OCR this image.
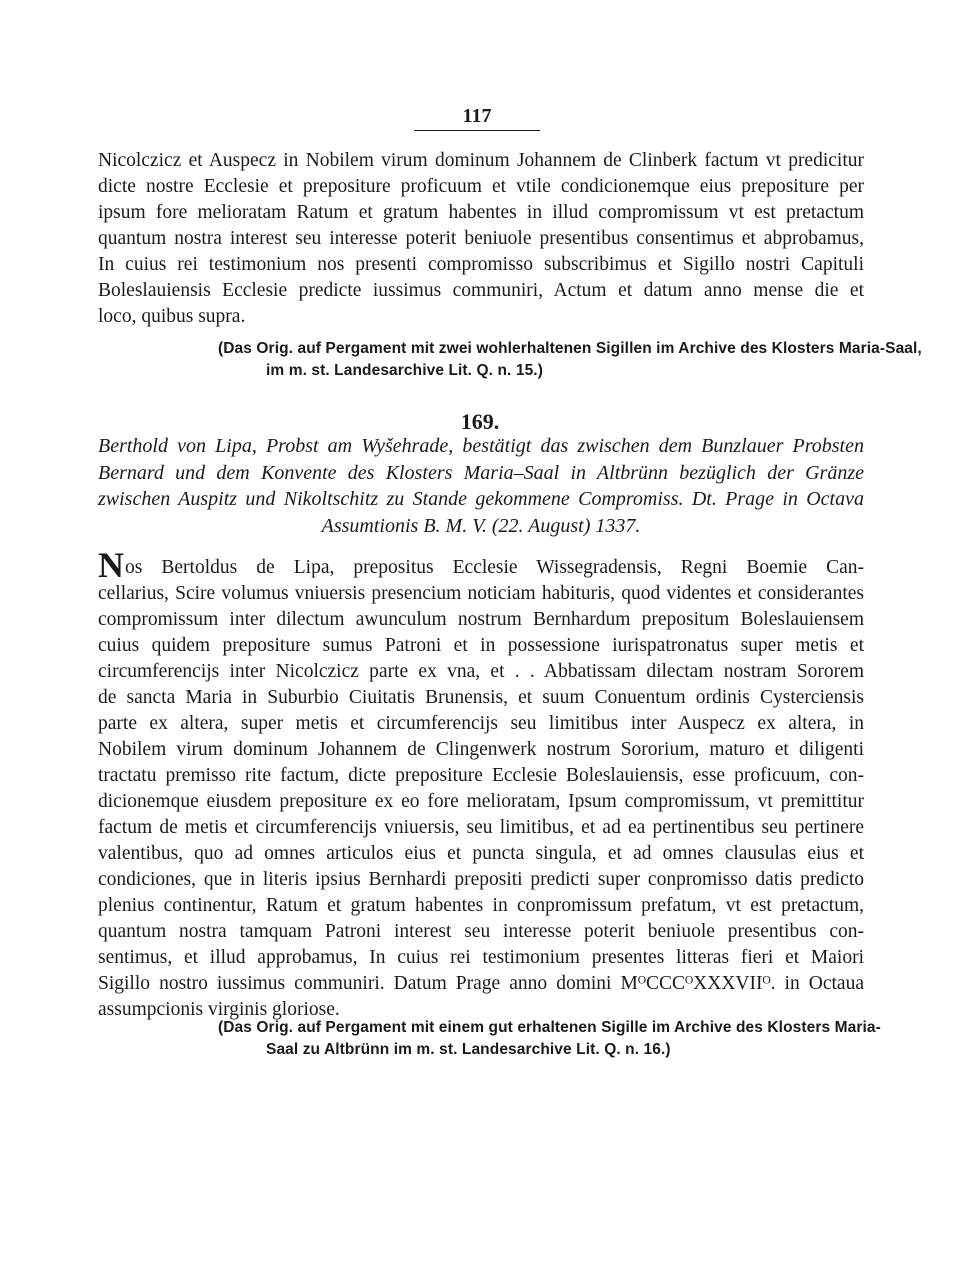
117
Nicolczicz et Auspecz in Nobilem virum dominum Johannem de Clinberk factum vt predicitur
dicte nostre Ecclesie et prepositure proficuum et vtile condicionemque eius prepositure per
ipsum fore melioratam Ratum et gratum habentes in illud compromissum vt est pretactum
quantum nostra interest seu interesse poterit beniuole presentibus consentimus et abprobamus,
In cuius rei testimonium nos presenti compromisso subscribimus et Sigillo nostri Capituli
Boleslauiensis Ecclesie predicte iussimus communiri, Actum et datum anno mense die et
loco, quibus supra.
(Das Orig. auf Pergament mit zwei wohlerhaltenen Sigillen im Archive des Klosters Maria-Saal,
im m. st. Landesarchive Lit. Q. n. 15.)
169.
Berthold von Lipa, Probst am Wyšehrade, bestätigt das zwischen dem Bunzlauer Probsten
Bernard und dem Konvente des Klosters Maria–Saal in Altbrünn bezüglich der Gränze
zwischen Auspitz und Nikoltschitz zu Stande gekommene Compromiss. Dt. Prage in Octava
Assumtionis B. M. V. (22. August) 1337.
Nos Bertoldus de Lipa, prepositus Ecclesie Wissegradensis, Regni Boemie Can-
cellarius, Scire volumus vniuersis presencium noticiam habituris, quod videntes et considerantes
compromissum inter dilectum awunculum nostrum Bernhardum prepositum Boleslauiensem
cuius quidem prepositure sumus Patroni et in possessione iurispatronatus super metis et
circumferencijs inter Nicolczicz parte ex vna, et . . Abbatissam dilectam nostram Sororem
de sancta Maria in Suburbio Ciuitatis Brunensis, et suum Conuentum ordinis Cysterciensis
parte ex altera, super metis et circumferencijs seu limitibus inter Auspecz ex altera, in
Nobilem virum dominum Johannem de Clingenwerk nostrum Sororium, maturo et diligenti
tractatu premisso rite factum, dicte prepositure Ecclesie Boleslauiensis, esse proficuum, con-
dicionemque eiusdem prepositure ex eo fore melioratam, Ipsum compromissum, vt premittitur
factum de metis et circumferencijs vniuersis, seu limitibus, et ad ea pertinentibus seu pertinere
valentibus, quo ad omnes articulos eius et puncta singula, et ad omnes clausulas eius et
condiciones, que in literis ipsius Bernhardi prepositi predicti super conpromisso datis predicto
plenius continentur, Ratum et gratum habentes in conpromissum prefatum, vt est pretactum,
quantum nostra tamquam Patroni interest seu interesse poterit beniuole presentibus con-
sentimus, et illud approbamus, In cuius rei testimonium presentes litteras fieri et Maiori
Sigillo nostro iussimus communiri. Datum Prage anno domini MᴼCCCᴼXXXVIIᴼ. in Octaua
assumpcionis virginis gloriose.
(Das Orig. auf Pergament mit einem gut erhaltenen Sigille im Archive des Klosters Maria-
Saal zu Altbrünn im m. st. Landesarchive Lit. Q. n. 16.)
